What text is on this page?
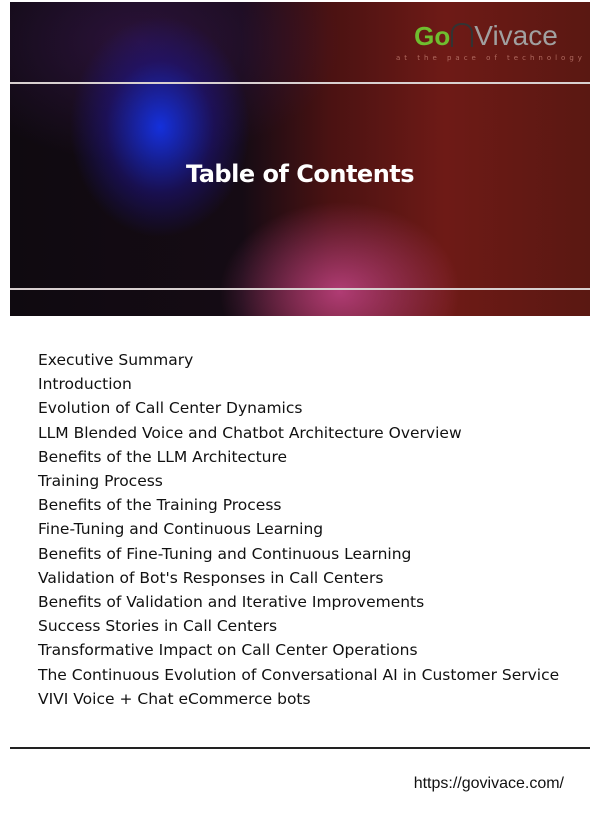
Go Vivace
at the pace of technology
Table of Contents
Executive Summary
Introduction
Evolution of Call Center Dynamics
LLM Blended Voice and Chatbot Architecture Overview
Benefits of the LLM Architecture
Training Process
Benefits of the Training Process
Fine-Tuning and Continuous Learning
Benefits of Fine-Tuning and Continuous Learning
Validation of Bot's Responses in Call Centers
Benefits of Validation and Iterative Improvements
Success Stories in Call Centers
Transformative Impact on Call Center Operations
The Continuous Evolution of Conversational AI in Customer Service
VIVI Voice + Chat eCommerce bots
https://govivace.com/
